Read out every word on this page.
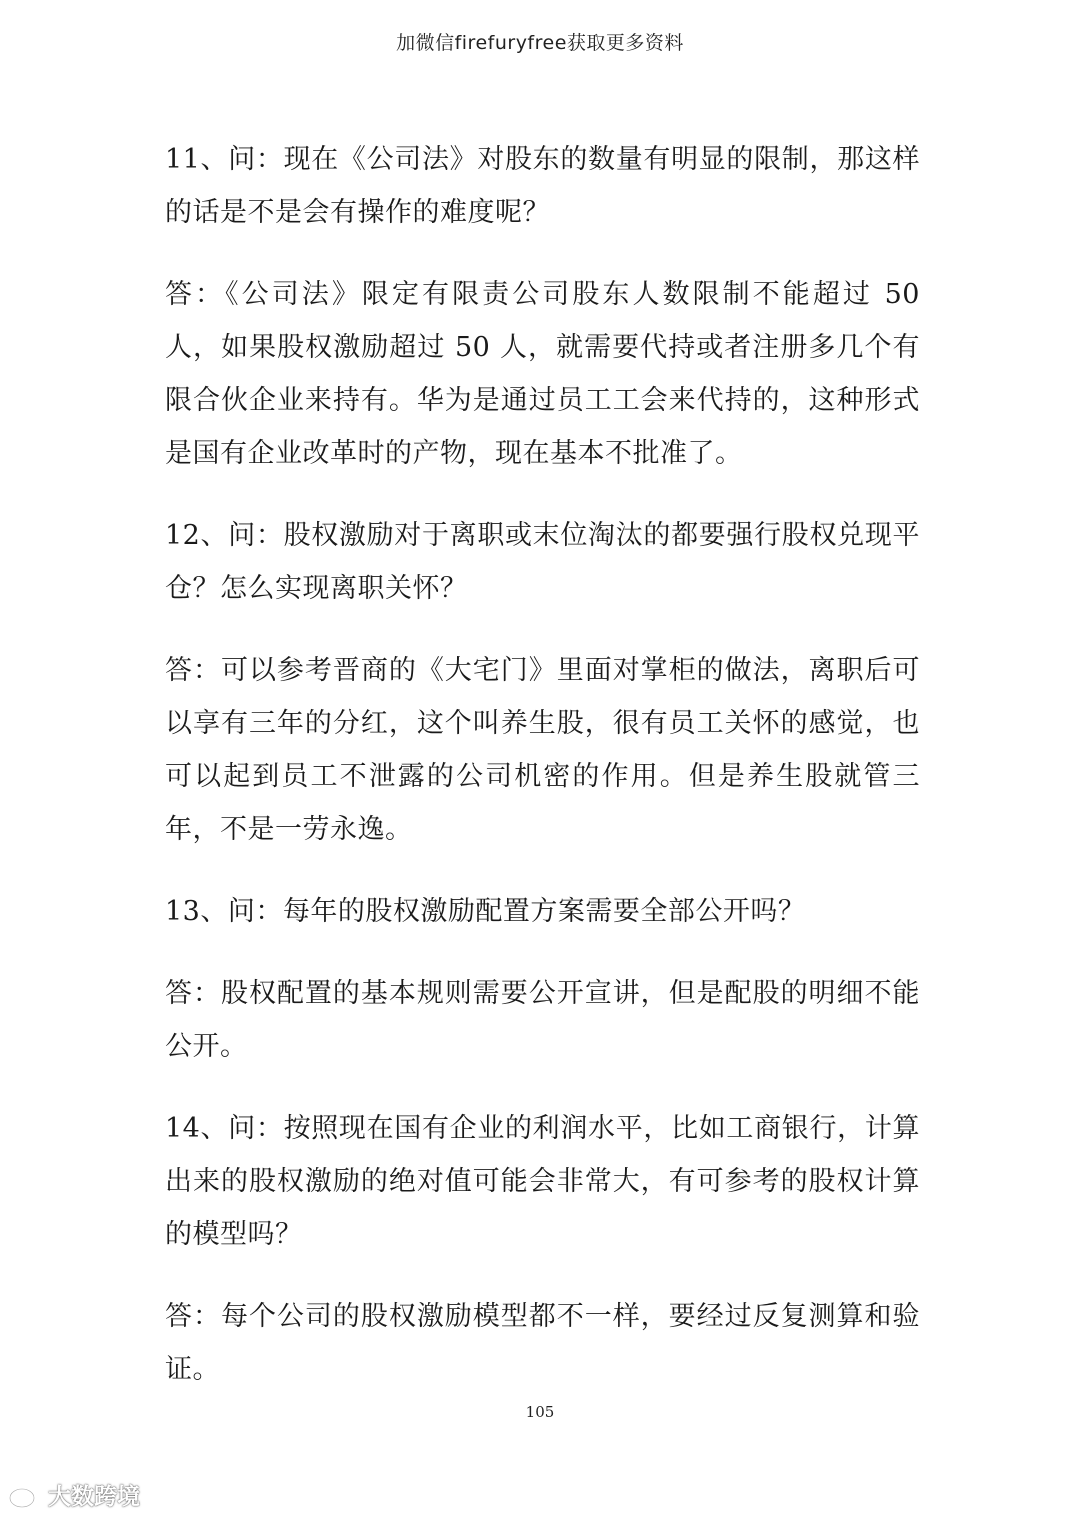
加微信firefuryfree获取更多资料

11、问：现在《公司法》对股东的数量有明显的限制，那这样的话是不是会有操作的难度呢？

答：《公司法》限定有限责公司股东人数限制不能超过 50 人，如果股权激励超过 50 人，就需要代持或者注册多几个有限合伙企业来持有。华为是通过员工工会来代持的，这种形式是国有企业改革时的产物，现在基本不批准了。

12、问：股权激励对于离职或末位淘汰的都要强行股权兑现平仓？怎么实现离职关怀？

答：可以参考晋商的《大宅门》里面对掌柜的做法，离职后可以享有三年的分红，这个叫养生股，很有员工关怀的感觉，也可以起到员工不泄露的公司机密的作用。但是养生股就管三年，不是一劳永逸。

13、问：每年的股权激励配置方案需要全部公开吗？

答：股权配置的基本规则需要公开宣讲，但是配股的明细不能公开。

14、问：按照现在国有企业的利润水平，比如工商银行，计算出来的股权激励的绝对值可能会非常大，有可参考的股权计算的模型吗？

答：每个公司的股权激励模型都不一样，要经过反复测算和验证。

105
大数跨境
